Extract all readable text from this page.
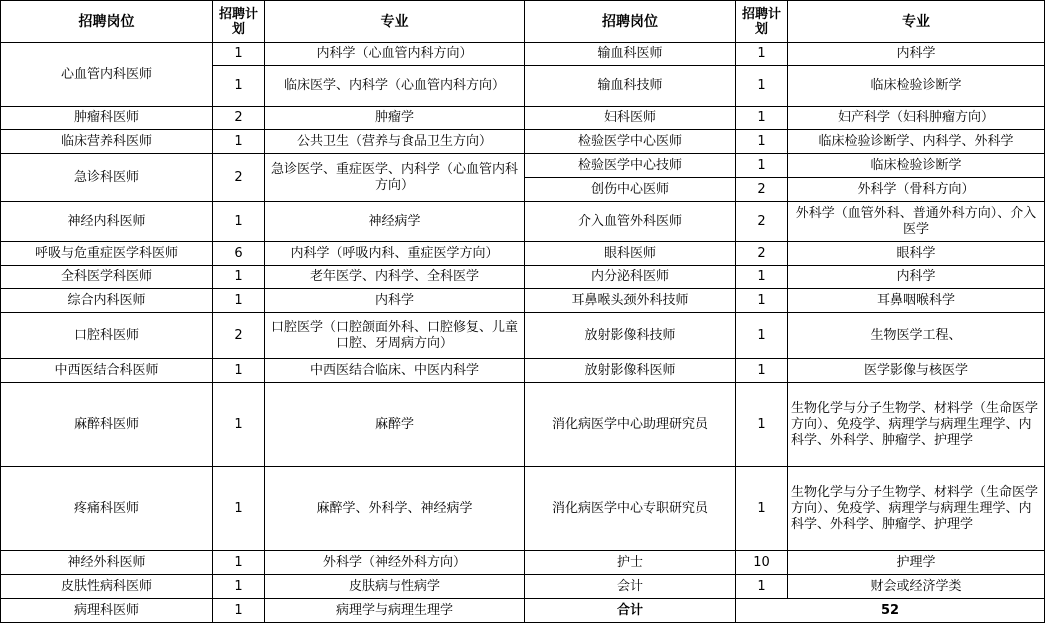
招聘岗位	招聘计划	专业	招聘岗位	招聘计划	专业
心血管内科医师	1	内科学（心血管内科方向）	输血科医师	1	内科学
	1	临床医学、内科学（心血管内科方向）	输血科技师	1	临床检验诊断学
肿瘤科医师	2	肿瘤学	妇科医师	1	妇产科学（妇科肿瘤方向）
临床营养科医师	1	公共卫生（营养与食品卫生方向）	检验医学中心医师	1	临床检验诊断学、内科学、外科学
急诊科医师	2	急诊医学、重症医学、内科学（心血管内科方向）	检验医学中心技师	1	临床检验诊断学
			创伤中心医师	2	外科学（骨科方向）
神经内科医师	1	神经病学	介入血管外科医师	2	外科学（血管外科、普通外科方向）、介入医学
呼吸与危重症医学科医师	6	内科学（呼吸内科、重症医学方向）	眼科医师	2	眼科学
全科医学科医师	1	老年医学、内科学、全科医学	内分泌科医师	1	内科学
综合内科医师	1	内科学	耳鼻喉头颈外科技师	1	耳鼻咽喉科学
口腔科医师	2	口腔医学（口腔颌面外科、口腔修复、儿童口腔、牙周病方向）	放射影像科技师	1	生物医学工程、
中西医结合科医师	1	中西医结合临床、中医内科学	放射影像科医师	1	医学影像与核医学
麻醉科医师	1	麻醉学	消化病医学中心助理研究员	1	生物化学与分子生物学、材料学（生命医学方向）、免疫学、病理学与病理生理学、内科学、外科学、肿瘤学、护理学
疼痛科医师	1	麻醉学、外科学、神经病学	消化病医学中心专职研究员	1	生物化学与分子生物学、材料学（生命医学方向）、免疫学、病理学与病理生理学、内科学、外科学、肿瘤学、护理学
神经外科医师	1	外科学（神经外科方向）	护士	10	护理学
皮肤性病科医师	1	皮肤病与性病学	会计	1	财会或经济学类
病理科医师	1	病理学与病理生理学	合计	52	
